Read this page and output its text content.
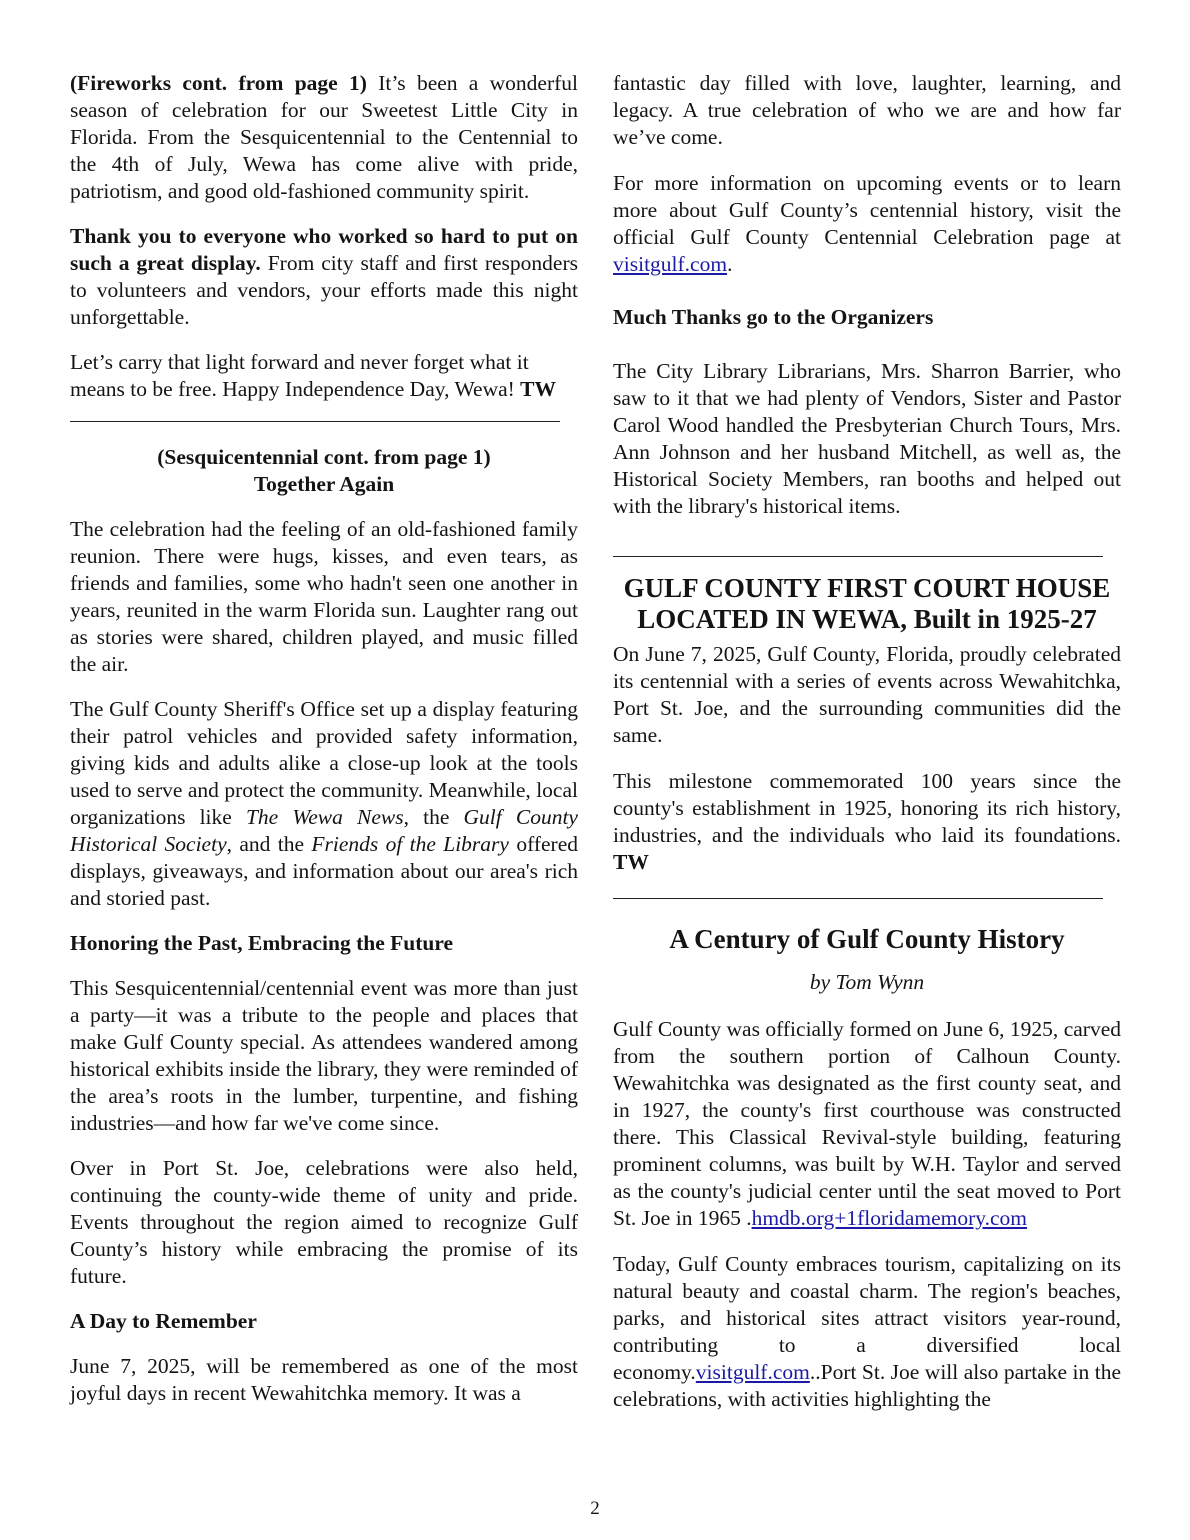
(Fireworks cont. from page 1) It’s been a wonderful season of celebration for our Sweetest Little City in Florida. From the Sesquicentennial to the Centennial to the 4th of July, Wewa has come alive with pride, patriotism, and good old-fashioned community spirit.

Thank you to everyone who worked so hard to put on such a great display. From city staff and first responders to volunteers and vendors, your efforts made this night unforgettable.

Let’s carry that light forward and never forget what it means to be free. Happy Independence Day, Wewa! TW

(Sesquicentennial cont. from page 1)
Together Again

The celebration had the feeling of an old-fashioned family reunion. There were hugs, kisses, and even tears, as friends and families, some who hadn't seen one another in years, reunited in the warm Florida sun. Laughter rang out as stories were shared, children played, and music filled the air.

The Gulf County Sheriff's Office set up a display featuring their patrol vehicles and provided safety information, giving kids and adults alike a close-up look at the tools used to serve and protect the community. Meanwhile, local organizations like The Wewa News, the Gulf County Historical Society, and the Friends of the Library offered displays, giveaways, and information about our area's rich and storied past.

Honoring the Past, Embracing the Future

This Sesquicentennial/centennial event was more than just a party—it was a tribute to the people and places that make Gulf County special. As attendees wandered among historical exhibits inside the library, they were reminded of the area’s roots in the lumber, turpentine, and fishing industries—and how far we've come since.

Over in Port St. Joe, celebrations were also held, continuing the county-wide theme of unity and pride. Events throughout the region aimed to recognize Gulf County’s history while embracing the promise of its future.

A Day to Remember

June 7, 2025, will be remembered as one of the most joyful days in recent Wewahitchka memory. It was a

fantastic day filled with love, laughter, learning, and legacy. A true celebration of who we are and how far we’ve come.

For more information on upcoming events or to learn more about Gulf County’s centennial history, visit the official Gulf County Centennial Celebration page at visitgulf.com.

Much Thanks go to the Organizers

The City Library Librarians, Mrs. Sharron Barrier, who saw to it that we had plenty of Vendors, Sister and Pastor Carol Wood handled the Presbyterian Church Tours, Mrs. Ann Johnson and her husband Mitchell, as well as, the Historical Society Members, ran booths and helped out with the library's historical items.

GULF COUNTY FIRST COURT HOUSE
LOCATED IN WEWA, Built in 1925-27

On June 7, 2025, Gulf County, Florida, proudly celebrated its centennial with a series of events across Wewahitchka, Port St. Joe, and the surrounding communities did the same.

This milestone commemorated 100 years since the county's establishment in 1925, honoring its rich history, industries, and the individuals who laid its foundations. TW

A Century of Gulf County History
by Tom Wynn

Gulf County was officially formed on June 6, 1925, carved from the southern portion of Calhoun County. Wewahitchka was designated as the first county seat, and in 1927, the county's first courthouse was constructed there. This Classical Revival-style building, featuring prominent columns, was built by W.H. Taylor and served as the county's judicial center until the seat moved to Port St. Joe in 1965 .hmdb.org+1floridamemory.com

Today, Gulf County embraces tourism, capitalizing on its natural beauty and coastal charm. The region's beaches, parks, and historical sites attract visitors year-round, contributing to a diversified local economy.visitgulf.com..Port St. Joe will also partake in the celebrations, with activities highlighting the

2
